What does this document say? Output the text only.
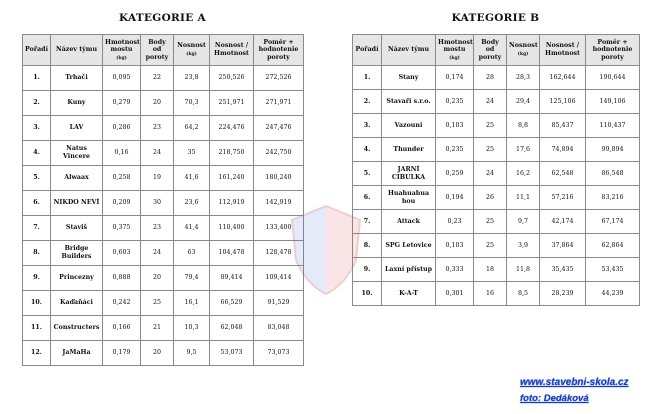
KATEGORIE A	KATEGORIE B
Pořadí	Název týmu	Hmotnost mostu (kg)	Body od poroty	Nosnost (kg)	Nosnost / Hmotnost	Poměr + hodnotenie poroty
1.	Trhači	0,095	22	23,8	250,526	272,526
2.	Kuny	0,279	20	70,3	251,971	271,971
3.	LAV	0,286	23	64,2	224,476	247,476
4.	Natus Vincere	0,16	24	35	218,750	242,750
5.	Alwaax	0,258	19	41,6	161,240	180,240
6.	NIKDO NEVÍ	0,209	30	23,6	112,919	142,919
7.	Staviš	0,375	23	41,4	110,400	133,400
8.	Bridge Builders	0,603	24	63	104,478	128,478
9.	Princezny	0,888	20	79,4	89,414	109,414
10.	Kaďaňáci	0,242	25	16,1	66,529	91,529
11.	Constructers	0,166	21	10,3	62,048	83,048
12.	JaMaHa	0,179	20	9,5	53,073	73,073
Pořadí	Název týmu	Hmotnost mostu (kg)	Body od poroty	Nosnost (kg)	Nosnost / Hmotnost	Poměr + hodnotenie poroty
1.	Stany	0,174	28	28,3	162,644	190,644
2.	Stavaři s.r.o.	0,235	24	29,4	125,106	149,106
3.	Vazouni	0,103	25	8,8	85,437	110,437
4.	Thunder	0,235	25	17,6	74,894	99,894
5.	JARNÍ CIBULKA	0,259	24	16,2	62,548	86,548
6.	Huahuahua hou	0,194	26	11,1	57,216	83,216
7.	Attack	0,23	25	9,7	42,174	67,174
8.	SPG Letovice	0,103	25	3,9	37,864	62,864
9.	Laxní přístup	0,333	18	11,8	35,435	53,435
10.	K-A-T	0,301	16	8,5	28,239	44,239
www.stavebni-skola.cz
foto: Dedáková
